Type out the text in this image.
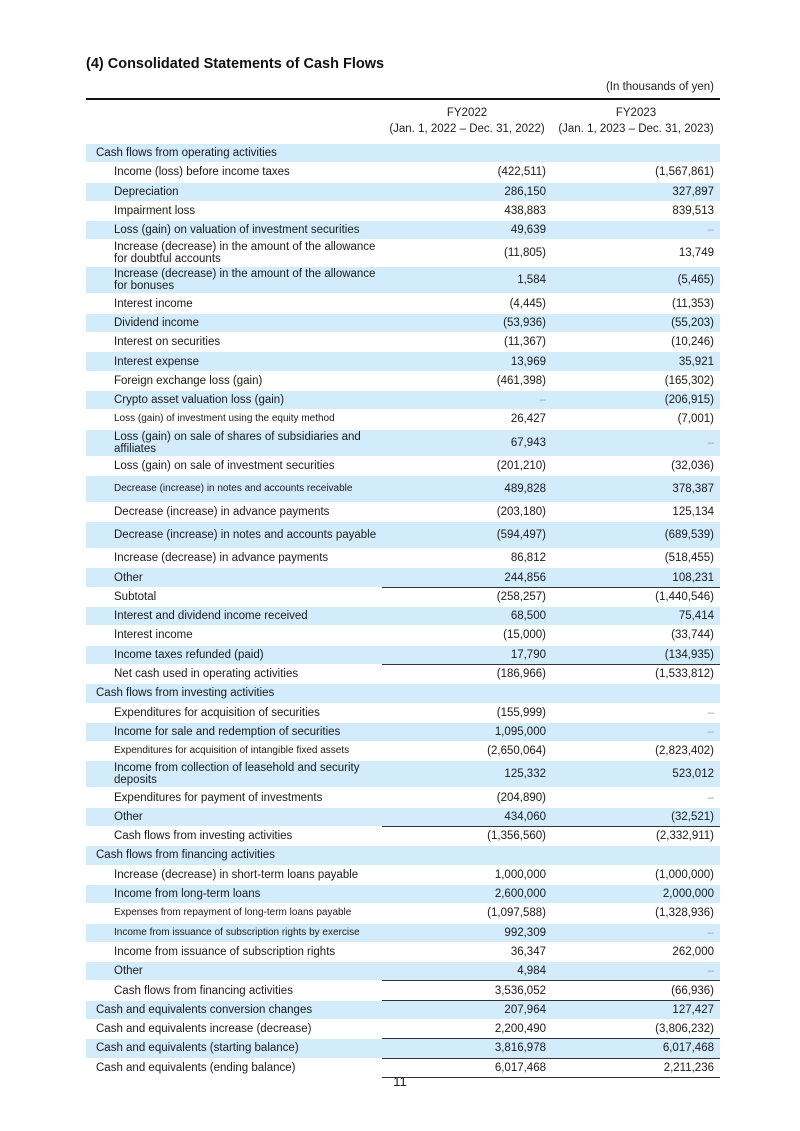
(4) Consolidated Statements of Cash Flows
(In thousands of yen)
FY2022
(Jan. 1, 2022 – Dec. 31, 2022)
FY2023
(Jan. 1, 2023 – Dec. 31, 2023)
Cash flows from operating activities		
Income (loss) before income taxes	(422,511)	(1,567,861)
Depreciation	286,150	327,897
Impairment loss	438,883	839,513
Loss (gain) on valuation of investment securities	49,639	–
Increase (decrease) in the amount of the allowance for doubtful accounts	(11,805)	13,749
Increase (decrease) in the amount of the allowance for bonuses	1,584	(5,465)
Interest income	(4,445)	(11,353)
Dividend income	(53,936)	(55,203)
Interest on securities	(11,367)	(10,246)
Interest expense	13,969	35,921
Foreign exchange loss (gain)	(461,398)	(165,302)
Crypto asset valuation loss (gain)	–	(206,915)
Loss (gain) of investment using the equity method	26,427	(7,001)
Loss (gain) on sale of shares of subsidiaries and affiliates	67,943	–
Loss (gain) on sale of investment securities	(201,210)	(32,036)
Decrease (increase) in notes and accounts receivable	489,828	378,387
Decrease (increase) in advance payments	(203,180)	125,134
Decrease (increase) in notes and accounts payable	(594,497)	(689,539)
Increase (decrease) in advance payments	86,812	(518,455)
Other	244,856	108,231
Subtotal	(258,257)	(1,440,546)
Interest and dividend income received	68,500	75,414
Interest income	(15,000)	(33,744)
Income taxes refunded (paid)	17,790	(134,935)
Net cash used in operating activities	(186,966)	(1,533,812)
Cash flows from investing activities		
Expenditures for acquisition of securities	(155,999)	–
Income for sale and redemption of securities	1,095,000	–
Expenditures for acquisition of intangible fixed assets	(2,650,064)	(2,823,402)
Income from collection of leasehold and security deposits	125,332	523,012
Expenditures for payment of investments	(204,890)	–
Other	434,060	(32,521)
Cash flows from investing activities	(1,356,560)	(2,332,911)
Cash flows from financing activities		
Increase (decrease) in short-term loans payable	1,000,000	(1,000,000)
Income from long-term loans	2,600,000	2,000,000
Expenses from repayment of long-term loans payable	(1,097,588)	(1,328,936)
Income from issuance of subscription rights by exercise	992,309	–
Income from issuance of subscription rights	36,347	262,000
Other	4,984	–
Cash flows from financing activities	3,536,052	(66,936)
Cash and equivalents conversion changes	207,964	127,427
Cash and equivalents increase (decrease)	2,200,490	(3,806,232)
Cash and equivalents (starting balance)	3,816,978	6,017,468
Cash and equivalents (ending balance)	6,017,468	2,211,236
11
